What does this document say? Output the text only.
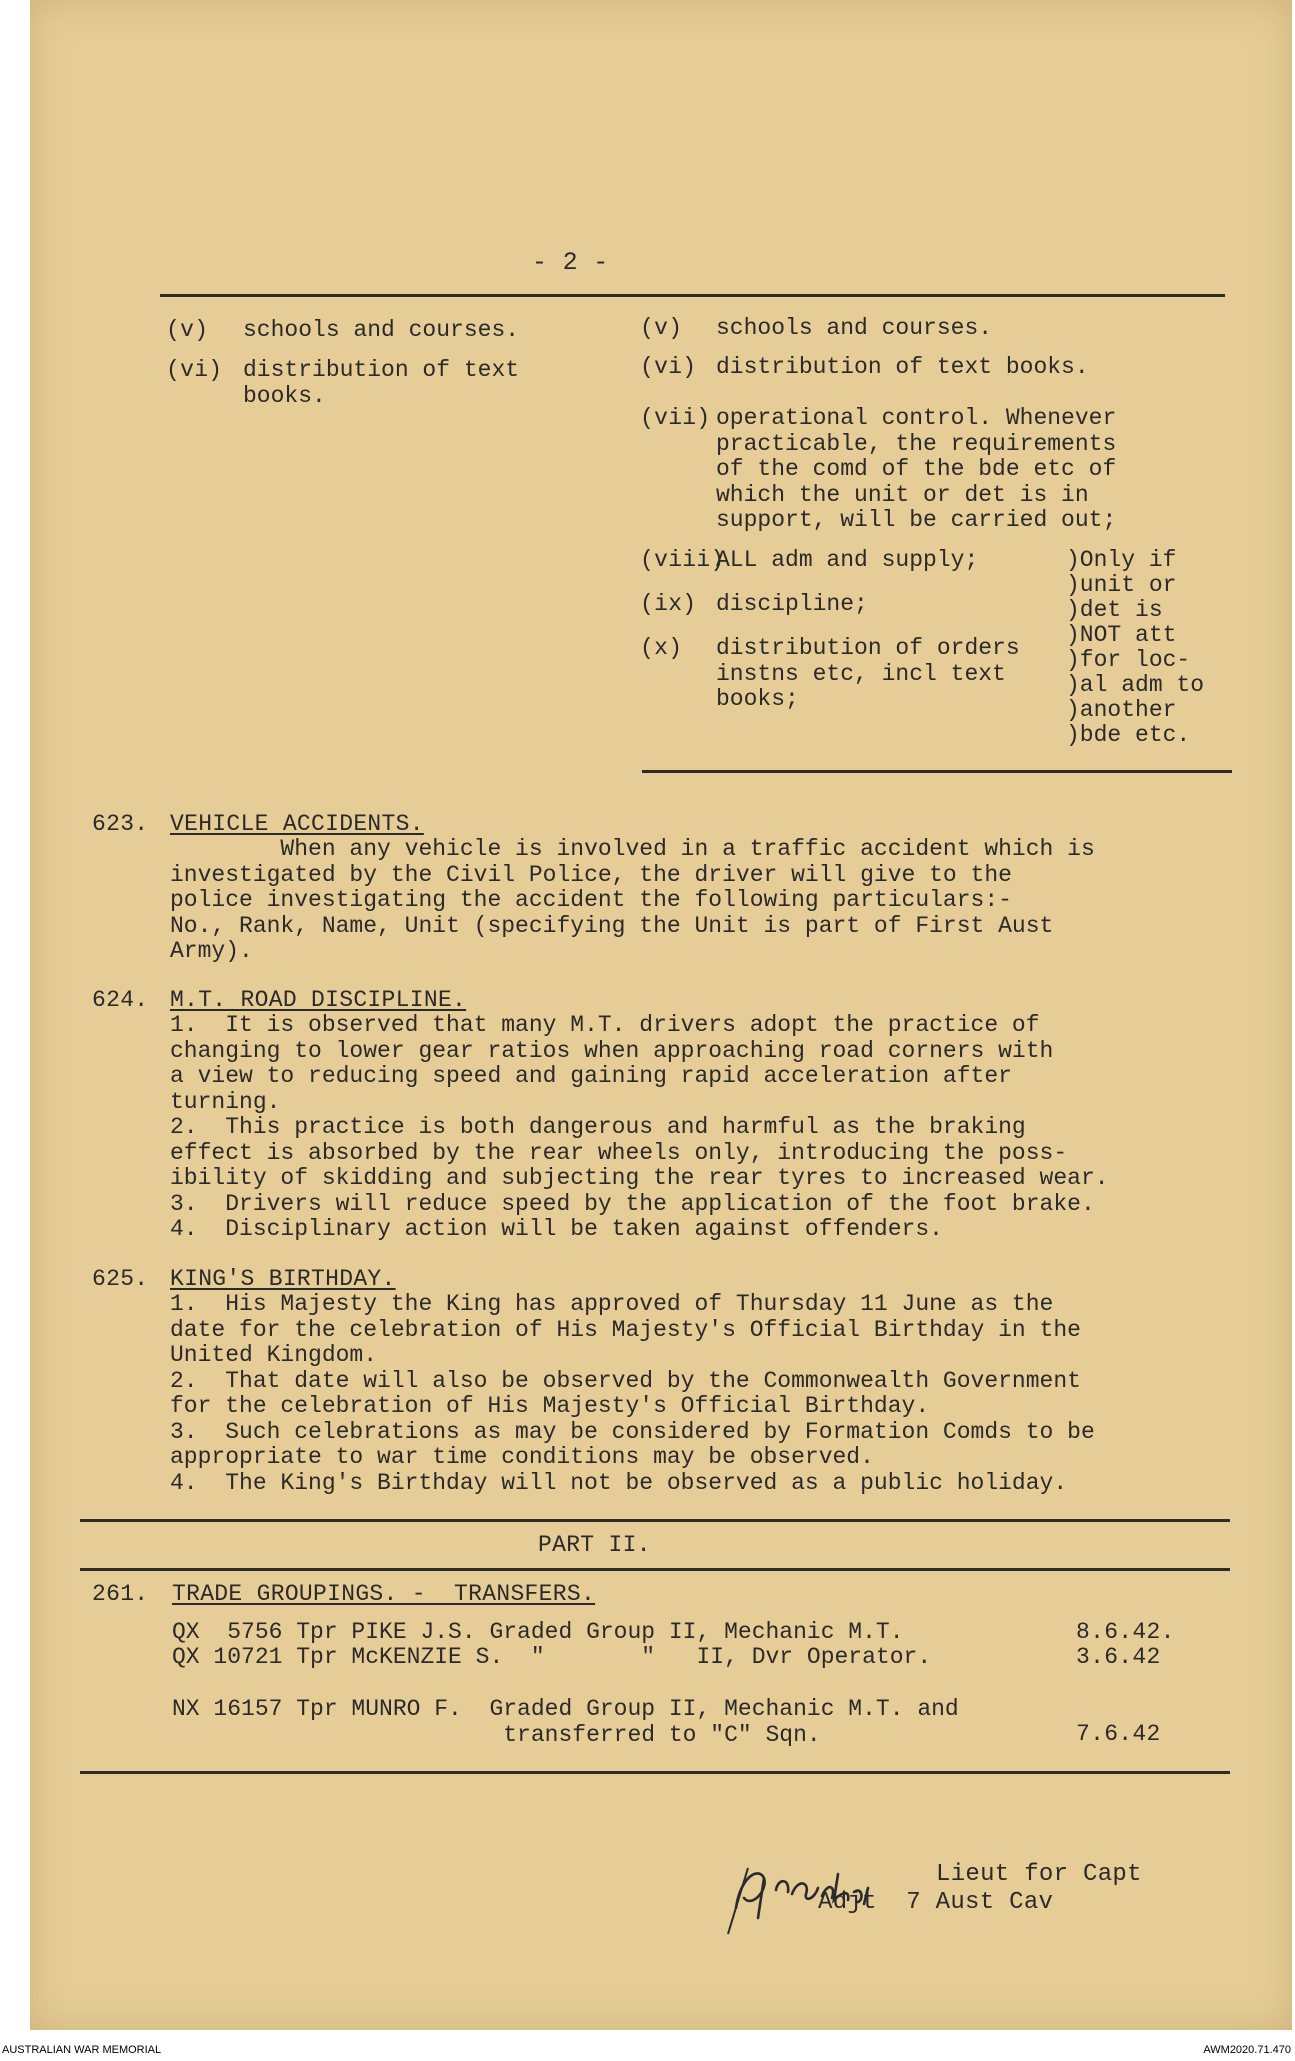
- 2 -
(v) schools and courses.
(vi) distribution of text
books.
(v) schools and courses.
(vi) distribution of text books.
(vii) operational control. Whenever
practicable, the requirements
of the comd of the bde etc of
which the unit or det is in
support, will be carried out;
(viii)
ALL adm and supply;
(ix) discipline;
(x) distribution of orders
instns etc, incl text
books;
)Only if
)unit or
)det is
)NOT att
)for loc-
)al adm to
)another
)bde etc.
623. VEHICLE ACCIDENTS.
When any vehicle is involved in a traffic accident which is
investigated by the Civil Police, the driver will give to the
police investigating the accident the following particulars:-
No., Rank, Name, Unit (specifying the Unit is part of First Aust
Army).
624. M.T. ROAD DISCIPLINE.
1.  It is observed that many M.T. drivers adopt the practice of
changing to lower gear ratios when approaching road corners with
a view to reducing speed and gaining rapid acceleration after
turning.
2.  This practice is both dangerous and harmful as the braking
effect is absorbed by the rear wheels only, introducing the poss-
ibility of skidding and subjecting the rear tyres to increased wear.
3.  Drivers will reduce speed by the application of the foot brake.
4.  Disciplinary action will be taken against offenders.
625. KING'S BIRTHDAY.
1.  His Majesty the King has approved of Thursday 11 June as the
date for the celebration of His Majesty's Official Birthday in the
United Kingdom.
2.  That date will also be observed by the Commonwealth Government
for the celebration of His Majesty's Official Birthday.
3.  Such celebrations as may be considered by Formation Comds to be
appropriate to war time conditions may be observed.
4.  The King's Birthday will not be observed as a public holiday.
PART II.
261. TRADE GROUPINGS. -  TRANSFERS.
QX  5756 Tpr PIKE J.S. Graded Group II, Mechanic M.T.	8.6.42.
QX 10721 Tpr McKENZIE S.  "       "   II, Dvr Operator.	3.6.42
NX 16157 Tpr MUNRO F.  Graded Group II, Mechanic M.T. and
transferred to "C" Sqn.	7.6.42
Lieut for Capt
Adjt  7 Aust Cav
AUSTRALIAN WAR MEMORIAL	AWM2020.71.470
